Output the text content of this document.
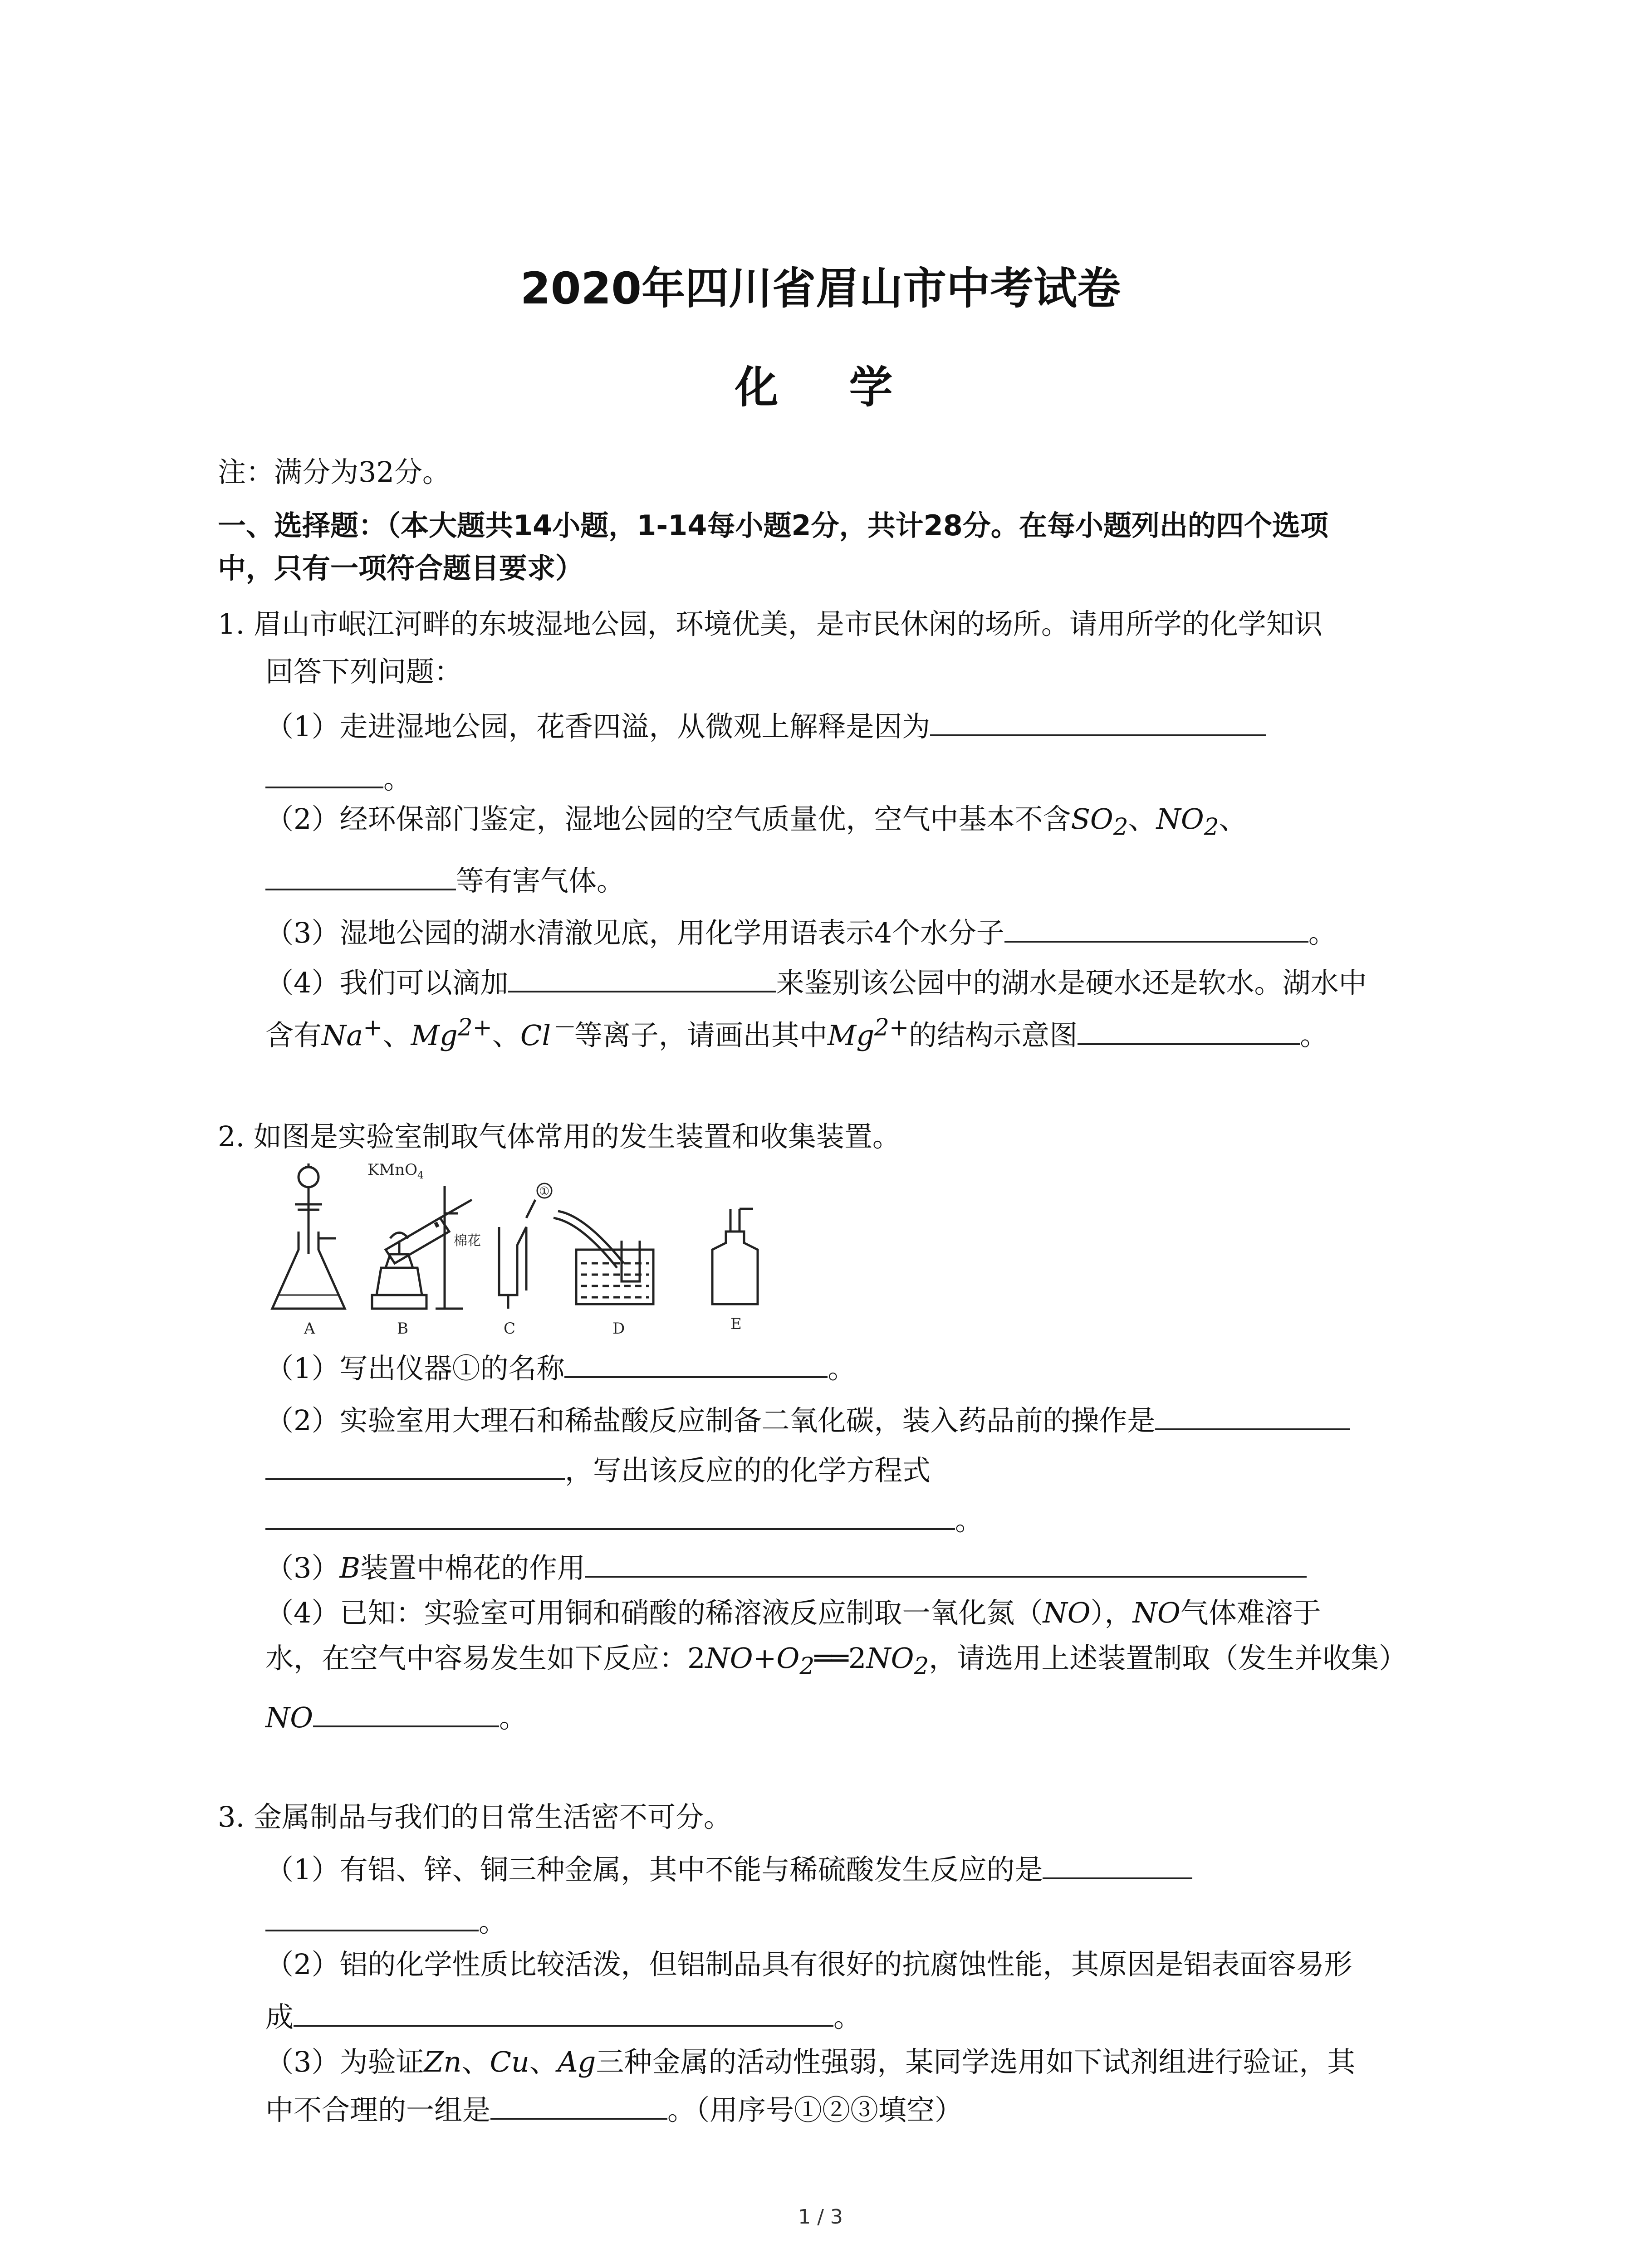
2020年四川省眉山市中考试卷
化　学
注：满分为32分。
一、选择题：（本大题共14小题，1-14每小题2分，共计28分。在每小题列出的四个选项
中，只有一项符合题目要求）
1. 眉山市岷江河畔的东坡湿地公园，环境优美，是市民休闲的场所。请用所学的化学知识
回答下列问题：
（1）走进湿地公园，花香四溢，从微观上解释是因为
。
（2）经环保部门鉴定，湿地公园的空气质量优，空气中基本不含$SO_2$、$NO_2$、
等有害气体。
（3）湿地公园的湖水清澈见底，用化学用语表示4个水分子	。
（4）我们可以滴加	来鉴别该公园中的湖水是硬水还是软水。湖水中
含有Na+、$Mg^{2+}$、Cl－等离子，请画出其中$Mg^{2+}$的结构示意图	。
2. 如图是实验室制取气体常用的发生装置和收集装置。
KMnO$_4$
棉花
①
A	B	C	D	E
（1）写出仪器①的名称	。
（2）实验室用大理石和稀盐酸反应制备二氧化碳，装入药品前的操作是
，写出该反应的的化学方程式
。
（3）B装置中棉花的作用
（4）已知：实验室可用铜和硝酸的稀溶液反应制取一氧化氮（NO），NO气体难溶于
水，在空气中容易发生如下反应：$2NO+O_2══2NO_2$，请选用上述装置制取（发生并收集）
NO	。
3. 金属制品与我们的日常生活密不可分。
（1）有铝、锌、铜三种金属，其中不能与稀硫酸发生反应的是
。
（2）铝的化学性质比较活泼，但铝制品具有很好的抗腐蚀性能，其原因是铝表面容易形
成	。
（3）为验证Zn、Cu、Ag三种金属的活动性强弱，某同学选用如下试剂组进行验证，其
中不合理的一组是	。（用序号①②③填空）
1 / 3
